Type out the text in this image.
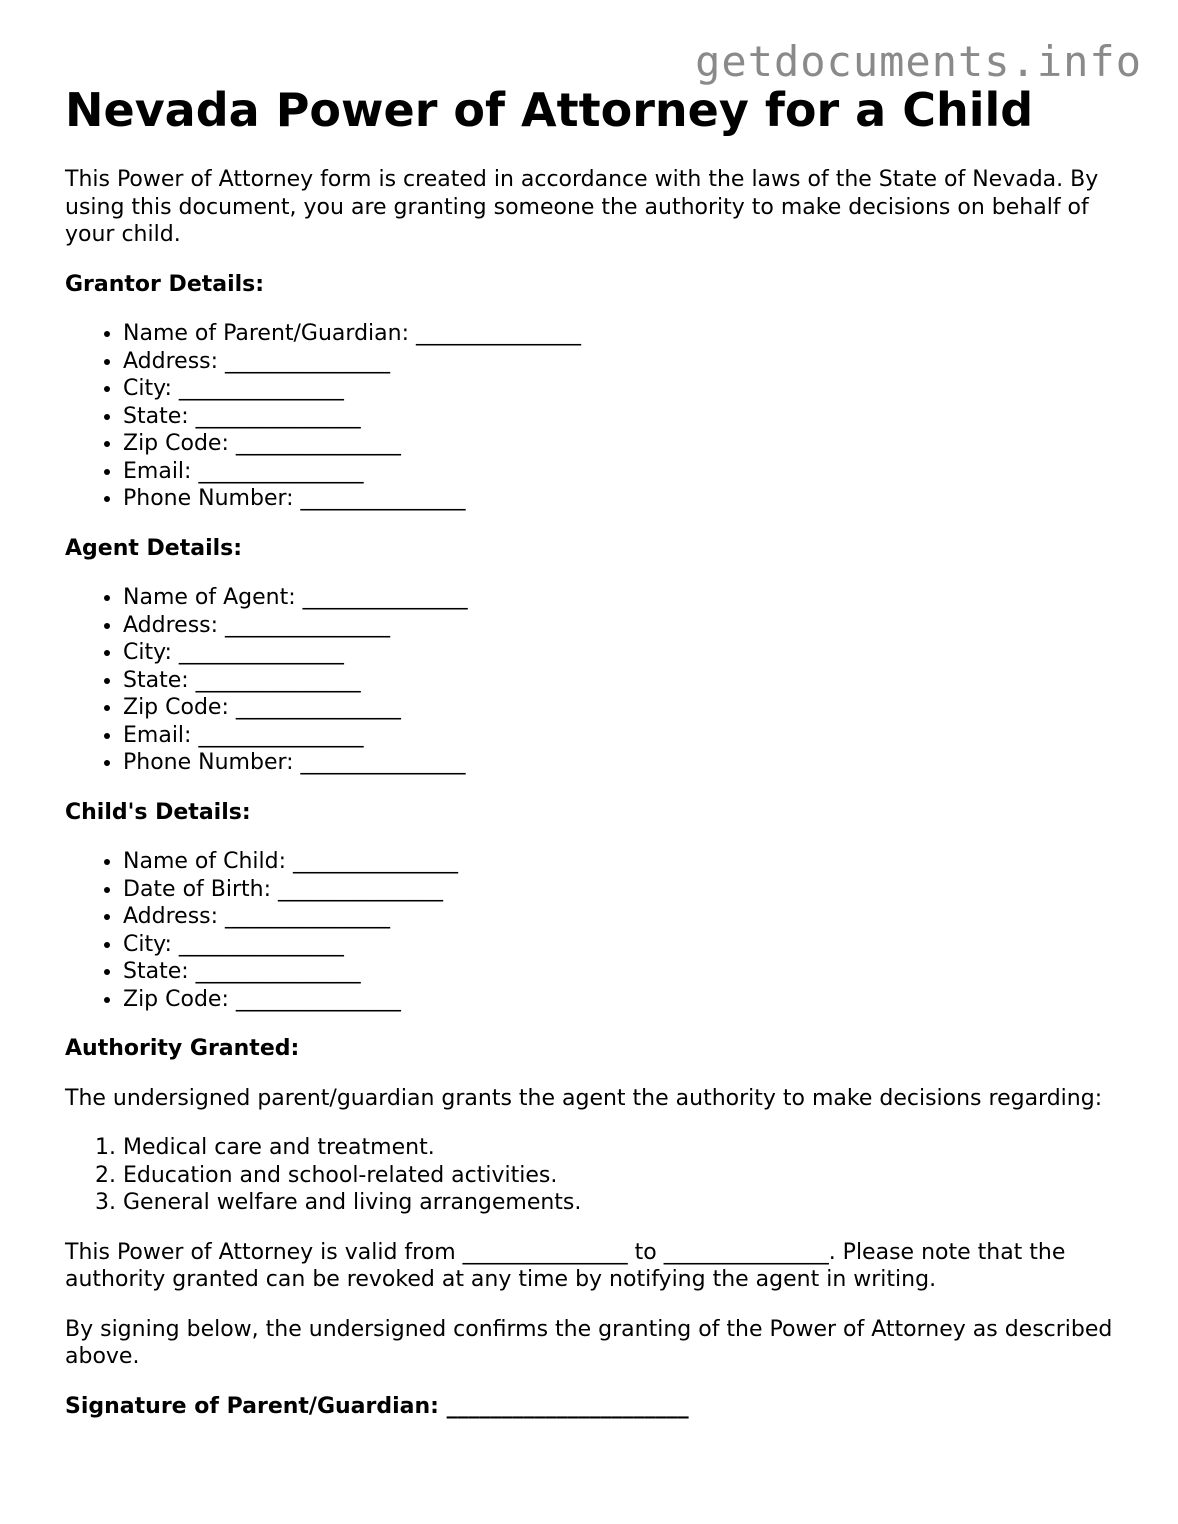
getdocuments.info
Nevada Power of Attorney for a Child

This Power of Attorney form is created in accordance with the laws of the State of Nevada. By using this document, you are granting someone the authority to make decisions on behalf of your child.

Grantor Details:
• Name of Parent/Guardian: _______________
• Address: _______________
• City: _______________
• State: _______________
• Zip Code: _______________
• Email: _______________
• Phone Number: _______________
Agent Details:
• Name of Agent: _______________
• Address: _______________
• City: _______________
• State: _______________
• Zip Code: _______________
• Email: _______________
• Phone Number: _______________
Child's Details:
• Name of Child: _______________
• Date of Birth: _______________
• Address: _______________
• City: _______________
• State: _______________
• Zip Code: _______________
Authority Granted:

The undersigned parent/guardian grants the agent the authority to make decisions regarding:

1. Medical care and treatment.
2. Education and school-related activities.
3. General welfare and living arrangements.

This Power of Attorney is valid from _______________ to _______________. Please note that the authority granted can be revoked at any time by notifying the agent in writing.

By signing below, the undersigned confirms the granting of the Power of Attorney as described above.

Signature of Parent/Guardian: ______________________
